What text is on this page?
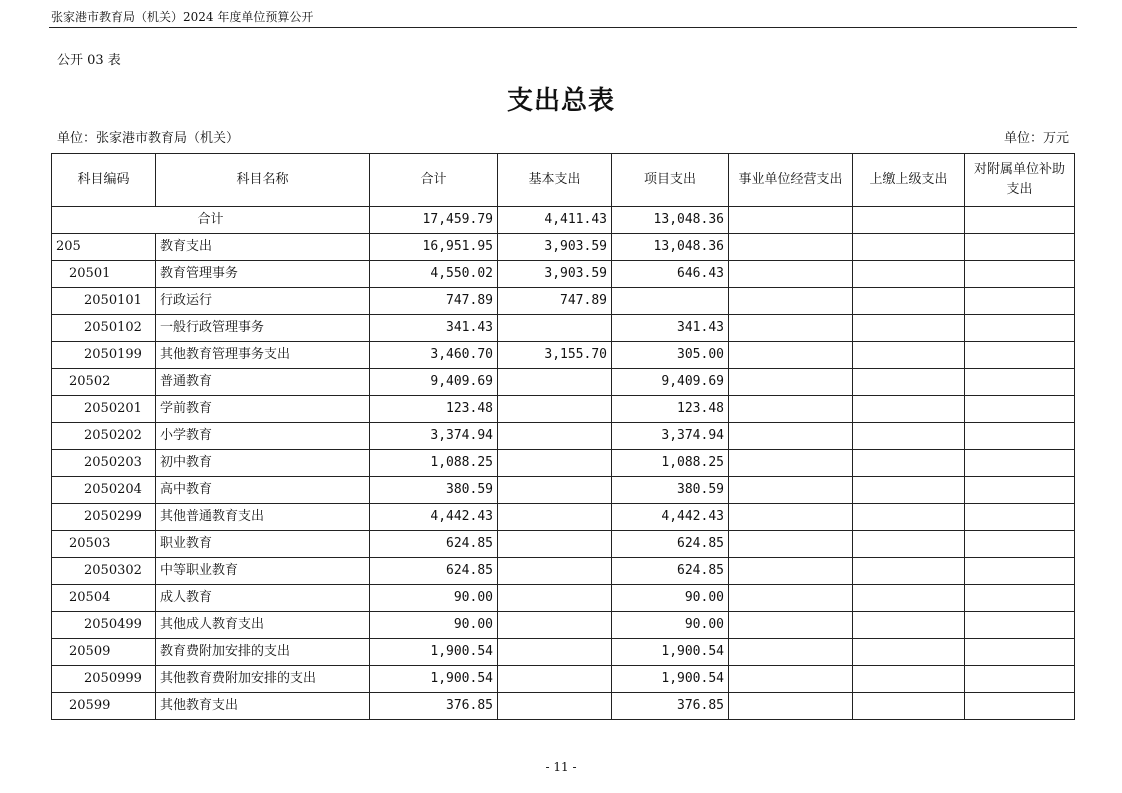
张家港市教育局（机关）2024 年度单位预算公开
公开 03 表
支出总表
单位：张家港市教育局（机关）	单位：万元
科目编码	科目名称	合计	基本支出	项目支出	事业单位经营支出	上缴上级支出	对附属单位补助支出
合计		17,459.79	4,411.43	13,048.36			
205	教育支出	16,951.95	3,903.59	13,048.36			
20501	教育管理事务	4,550.02	3,903.59	646.43			
2050101	行政运行	747.89	747.89				
2050102	一般行政管理事务	341.43		341.43			
2050199	其他教育管理事务支出	3,460.70	3,155.70	305.00			
20502	普通教育	9,409.69		9,409.69			
2050201	学前教育	123.48		123.48			
2050202	小学教育	3,374.94		3,374.94			
2050203	初中教育	1,088.25		1,088.25			
2050204	高中教育	380.59		380.59			
2050299	其他普通教育支出	4,442.43		4,442.43			
20503	职业教育	624.85		624.85			
2050302	中等职业教育	624.85		624.85			
20504	成人教育	90.00		90.00			
2050499	其他成人教育支出	90.00		90.00			
20509	教育费附加安排的支出	1,900.54		1,900.54			
2050999	其他教育费附加安排的支出	1,900.54		1,900.54			
20599	其他教育支出	376.85		376.85			
- 11 -
